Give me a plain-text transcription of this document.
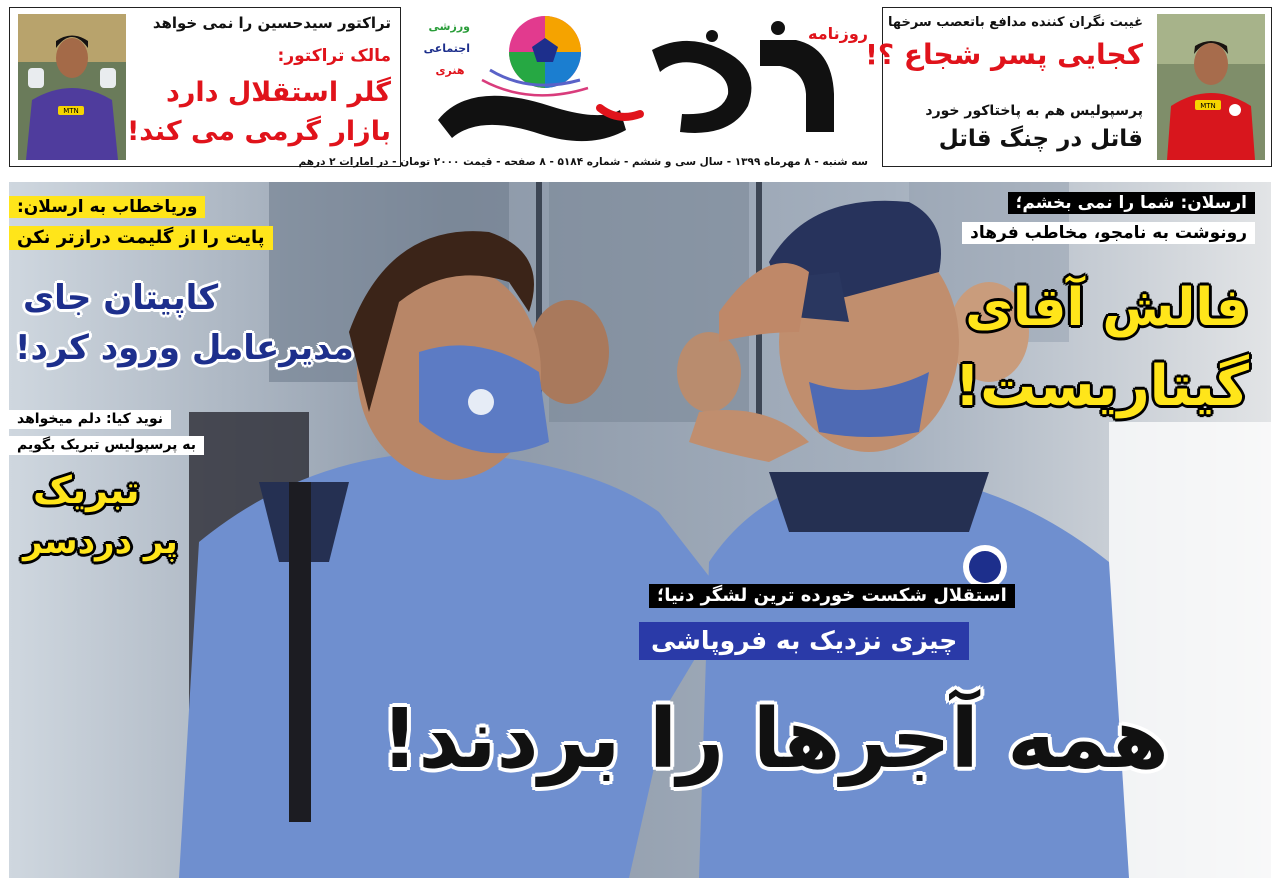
MTN
غیبت نگران کننده مدافع باتعصب سرخها
کجایی پسر شجاع ؟!
پرسپولیس هم به پاختاکور خورد
قاتل در چنگ قاتل
تراکتور سیدحسین را نمی خواهد
مالک تراکتور:
گلر استقلال دارد
بازار گرمی می کند!
MTN
روزنامه
ورزشی
اجتماعی
هنری
سه شنبه - ۸ مهرماه ۱۳۹۹ - سال سی و ششم - شماره ۵۱۸۴ - ۸ صفحه - قیمت ۲۰۰۰ تومان - در امارات ۲ درهم
ارسلان: شما را نمی بخشم؛
رونوشت به نامجو، مخاطب فرهاد
فالش آقای
گیتاریست!
وریاخطاب به ارسلان:
پایت را از گلیمت درازتر نکن
کاپیتان جای
مدیرعامل ورود کرد!
نوید کیا: دلم میخواهد
به پرسپولیس تبریک بگویم
تبریک
پر دردسر
استقلال شکست خورده ترین لشگر دنیا؛
چیزی نزدیک به فروپاشی
همه آجرها را بردند!
